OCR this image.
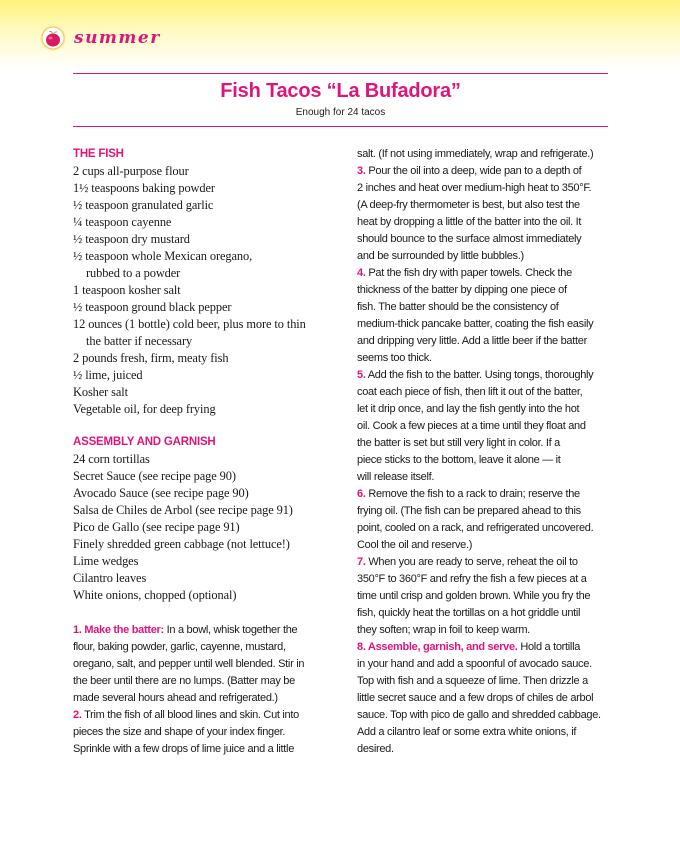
summer
Fish Tacos “La Bufadora”
Enough for 24 tacos
THE FISH
2 cups all-purpose flour
1½ teaspoons baking powder
½ teaspoon granulated garlic
¼ teaspoon cayenne
½ teaspoon dry mustard
½ teaspoon whole Mexican oregano,
rubbed to a powder
1 teaspoon kosher salt
½ teaspoon ground black pepper
12 ounces (1 bottle) cold beer, plus more to thin
the batter if necessary
2 pounds fresh, firm, meaty fish
½ lime, juiced
Kosher salt
Vegetable oil, for deep frying
ASSEMBLY AND GARNISH
24 corn tortillas
Secret Sauce (see recipe page 90)
Avocado Sauce (see recipe page 90)
Salsa de Chiles de Arbol (see recipe page 91)
Pico de Gallo (see recipe page 91)
Finely shredded green cabbage (not lettuce!)
Lime wedges
Cilantro leaves
White onions, chopped (optional)
1. Make the batter: In a bowl, whisk together the
flour, baking powder, garlic, cayenne, mustard,
oregano, salt, and pepper until well blended. Stir in
the beer until there are no lumps. (Batter may be
made several hours ahead and refrigerated.)
2. Trim the fish of all blood lines and skin. Cut into
pieces the size and shape of your index finger.
Sprinkle with a few drops of lime juice and a little
salt. (If not using immediately, wrap and refrigerate.)
3. Pour the oil into a deep, wide pan to a depth of
2 inches and heat over medium-high heat to 350°F.
(A deep-fry thermometer is best, but also test the
heat by dropping a little of the batter into the oil. It
should bounce to the surface almost immediately
and be surrounded by little bubbles.)
4. Pat the fish dry with paper towels. Check the
thickness of the batter by dipping one piece of
fish. The batter should be the consistency of
medium-thick pancake batter, coating the fish easily
and dripping very little. Add a little beer if the batter
seems too thick.
5. Add the fish to the batter. Using tongs, thoroughly
coat each piece of fish, then lift it out of the batter,
let it drip once, and lay the fish gently into the hot
oil. Cook a few pieces at a time until they float and
the batter is set but still very light in color. If a
piece sticks to the bottom, leave it alone — it
will release itself.
6. Remove the fish to a rack to drain; reserve the
frying oil. (The fish can be prepared ahead to this
point, cooled on a rack, and refrigerated uncovered.
Cool the oil and reserve.)
7. When you are ready to serve, reheat the oil to
350°F to 360°F and refry the fish a few pieces at a
time until crisp and golden brown. While you fry the
fish, quickly heat the tortillas on a hot griddle until
they soften; wrap in foil to keep warm.
8. Assemble, garnish, and serve. Hold a tortilla
in your hand and add a spoonful of avocado sauce.
Top with fish and a squeeze of lime. Then drizzle a
little secret sauce and a few drops of chiles de arbol
sauce. Top with pico de gallo and shredded cabbage.
Add a cilantro leaf or some extra white onions, if
desired.
